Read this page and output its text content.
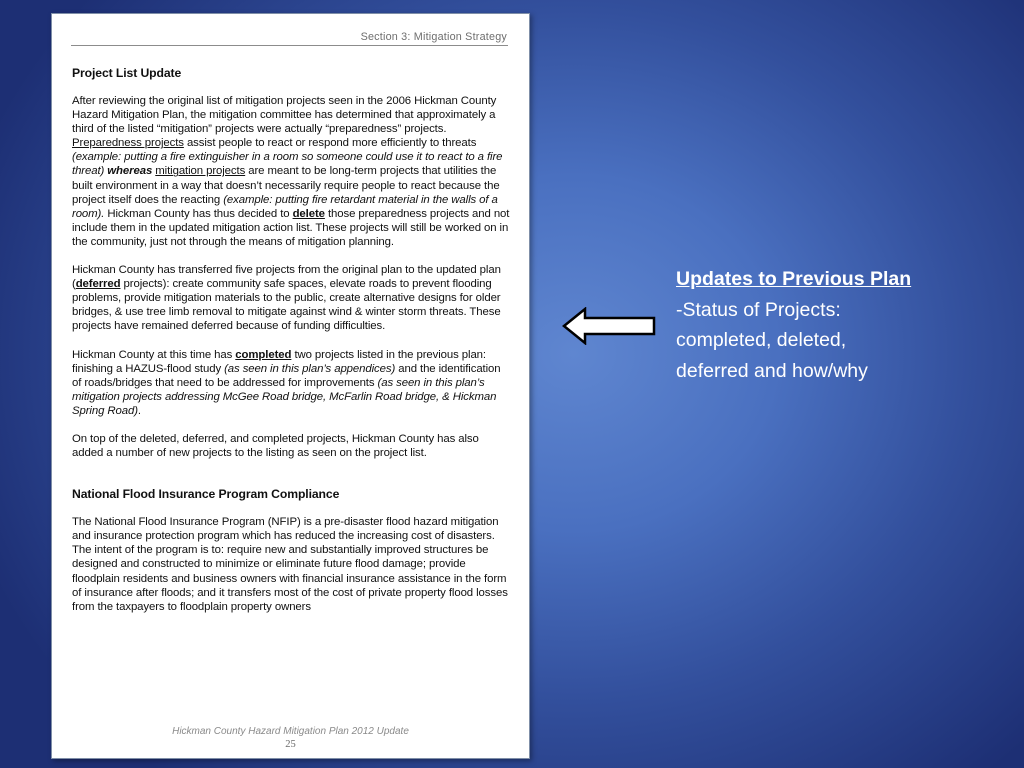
Section 3: Mitigation Strategy
Project List Update

After reviewing the original list of mitigation projects seen in the 2006 Hickman County Hazard Mitigation Plan, the mitigation committee has determined that approximately a third of the listed “mitigation” projects were actually “preparedness” projects. Preparedness projects assist people to react or respond more efficiently to threats (example: putting a fire extinguisher in a room so someone could use it to react to a fire threat) whereas mitigation projects are meant to be long-term projects that utilities the built environment in a way that doesn’t necessarily require people to react because the project itself does the reacting (example: putting fire retardant material in the walls of a room). Hickman County has thus decided to delete those preparedness projects and not include them in the updated mitigation action list. These projects will still be worked on in the community, just not through the means of mitigation planning.

Hickman County has transferred five projects from the original plan to the updated plan (deferred projects): create community safe spaces, elevate roads to prevent flooding problems, provide mitigation materials to the public, create alternative designs for older bridges, & use tree limb removal to mitigate against wind & winter storm threats. These projects have remained deferred because of funding difficulties.

Hickman County at this time has completed two projects listed in the previous plan: finishing a HAZUS-flood study (as seen in this plan’s appendices) and the identification of roads/bridges that need to be addressed for improvements (as seen in this plan’s mitigation projects addressing McGee Road bridge, McFarlin Road bridge, & Hickman Spring Road).

On top of the deleted, deferred, and completed projects, Hickman County has also added a number of new projects to the listing as seen on the project list.

National Flood Insurance Program Compliance

The National Flood Insurance Program (NFIP) is a pre-disaster flood hazard mitigation and insurance protection program which has reduced the increasing cost of disasters. The intent of the program is to: require new and substantially improved structures be designed and constructed to minimize or eliminate future flood damage; provide floodplain residents and business owners with financial insurance assistance in the form of insurance after floods; and it transfers most of the cost of private property flood losses from the taxpayers to floodplain property owners

Hickman County Hazard Mitigation Plan 2012 Update
25
Updates to Previous Plan
-Status of Projects:
completed, deleted,
deferred and how/why
